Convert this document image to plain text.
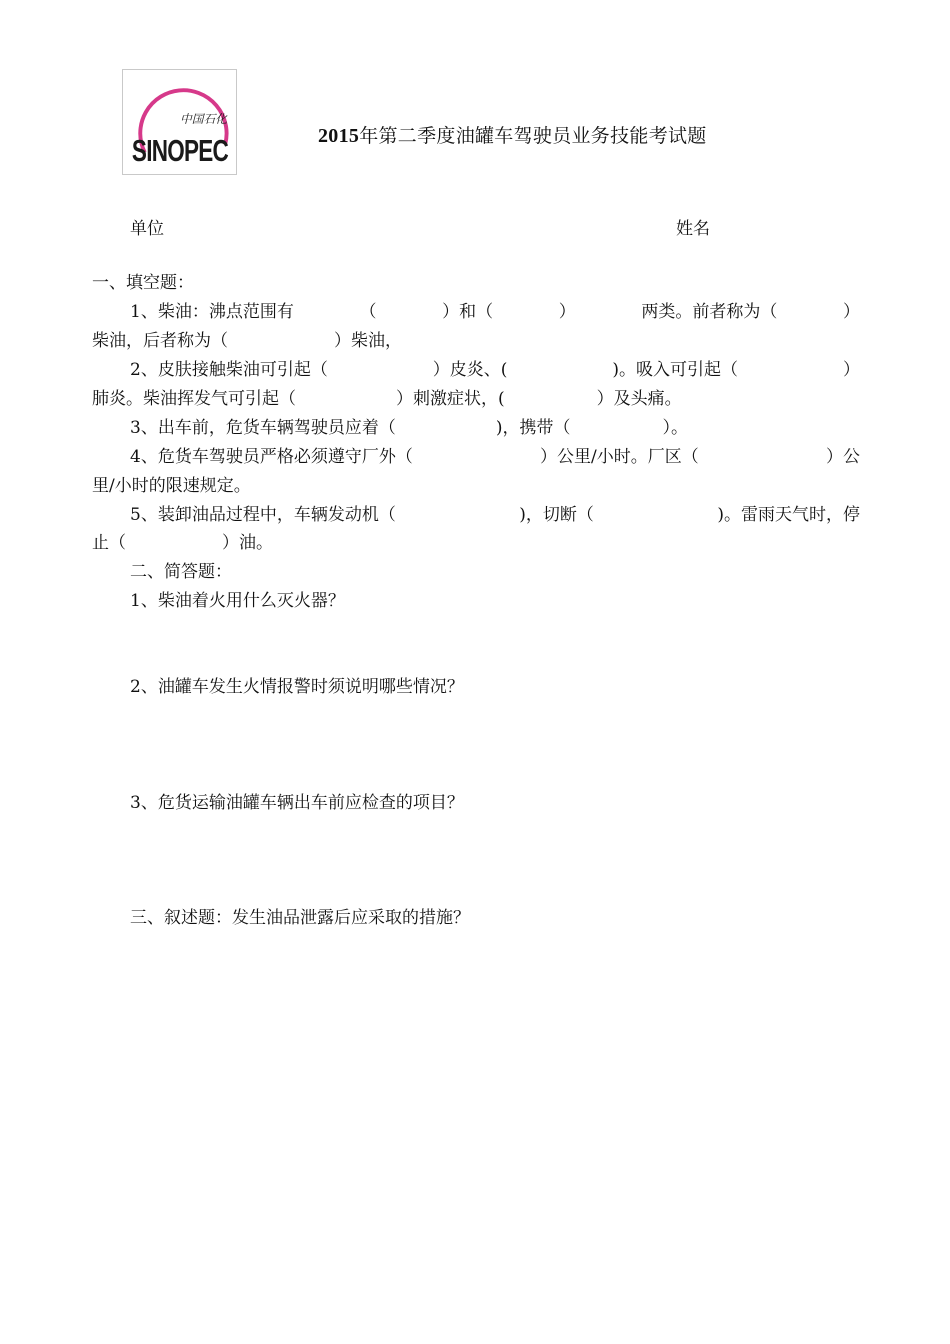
中国石化
SINOPEC	2015年第二季度油罐车驾驶员业务技能考试题
单位	姓名
一、填空题：
1、柴油：沸点范围有	（	）和（	）	两类。前者称为（	）
柴油，后者称为（	）柴油，
2、皮肤接触柴油可引起（	）皮炎、(	)。吸入可引起（	）
肺炎。柴油挥发气可引起（	）刺激症状，(	）及头痛。
3、出车前，危货车辆驾驶员应着（	)，携带（	）。
4、危货车驾驶员严格必须遵守厂外（	）公里/小时。厂区（	）公
里/小时的限速规定。
5、装卸油品过程中，车辆发动机（	)，切断（	)。雷雨天气时，停
止（	）油。
二、简答题：
1、柴油着火用什么灭火器？
2、油罐车发生火情报警时须说明哪些情况？
3、危货运输油罐车辆出车前应检查的项目？
三、叙述题：发生油品泄露后应采取的措施？
